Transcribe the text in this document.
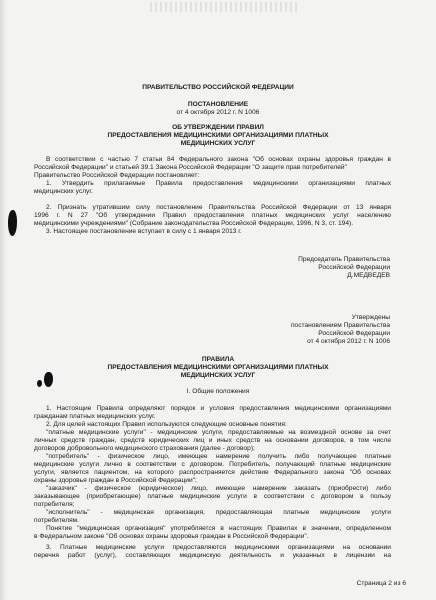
ПРАВИТЕЛЬСТВО РОССИЙСКОЙ ФЕДЕРАЦИИ
ПОСТАНОВЛЕНИЕ
от 4 октября 2012 г. N 1006
ОБ УТВЕРЖДЕНИИ ПРАВИЛ
ПРЕДОСТАВЛЕНИЯ МЕДИЦИНСКИМИ ОРГАНИЗАЦИЯМИ ПЛАТНЫХ
МЕДИЦИНСКИХ УСЛУГ
В соответствии с частью 7 статьи 84 Федерального закона "Об основах охраны здоровья граждан в
Российской Федерации" и статьей 39.1 Закона Российской Федерации "О защите прав потребителей"
Правительство Российской Федерации постановляет:
1. Утвердить прилагаемые Правила предоставления медицинскими организациями платных
медицинских услуг.
2. Признать утратившим силу постановление Правительства Российской Федерации от 13 января
1996 г. N 27 "Об утверждении Правил предоставления платных медицинских услуг населению
медицинскими учреждениями" (Собрание законодательства Российской Федерации, 1996, N 3, ст. 194).
3. Настоящее постановление вступает в силу с 1 января 2013 г.
Председатель Правительства
Российской Федерации
Д.МЕДВЕДЕВ
Утверждены
постановлением Правительства
Российской Федерации
от 4 октября 2012 г. N 1006
ПРАВИЛА
ПРЕДОСТАВЛЕНИЯ МЕДИЦИНСКИМИ ОРГАНИЗАЦИЯМИ ПЛАТНЫХ
МЕДИЦИНСКИХ УСЛУГ
I. Общие положения
1. Настоящие Правила определяют порядок и условия предоставления медицинскими организациями
гражданам платных медицинских услуг.
2. Для целей настоящих Правил используются следующие основные понятия:
"платные медицинские услуги" - медицинские услуги, предоставляемые на возмездной основе за счет
личных средств граждан, средств юридических лиц и иных средств на основании договоров, в том числе
договоров добровольного медицинского страхования (далее - договор);
"потребитель" - физическое лицо, имеющее намерение получить либо получающее платные
медицинские услуги лично в соответствии с договором. Потребитель, получающий платные медицинские
услуги, является пациентом, на которого распространяется действие Федерального закона "Об основах
охраны здоровья граждан в Российской Федерации";
"заказчик" - физическое (юридическое) лицо, имеющее намерение заказать (приобрести) либо
заказывающее (приобретающее) платные медицинские услуги в соответствии с договором в пользу
потребителя;
"исполнитель" - медицинская организация, предоставляющая платные медицинские услуги
потребителям.
Понятие "медицинская организация" употребляется в настоящих Правилах в значении, определенном
в Федеральном законе "Об основах охраны здоровья граждан в Российской Федерации".
3. Платные медицинские услуги предоставляются медицинскими организациями на основании
перечня работ (услуг), составляющих медицинскую деятельность и указанных в лицензии на
Страница 2 из 6
